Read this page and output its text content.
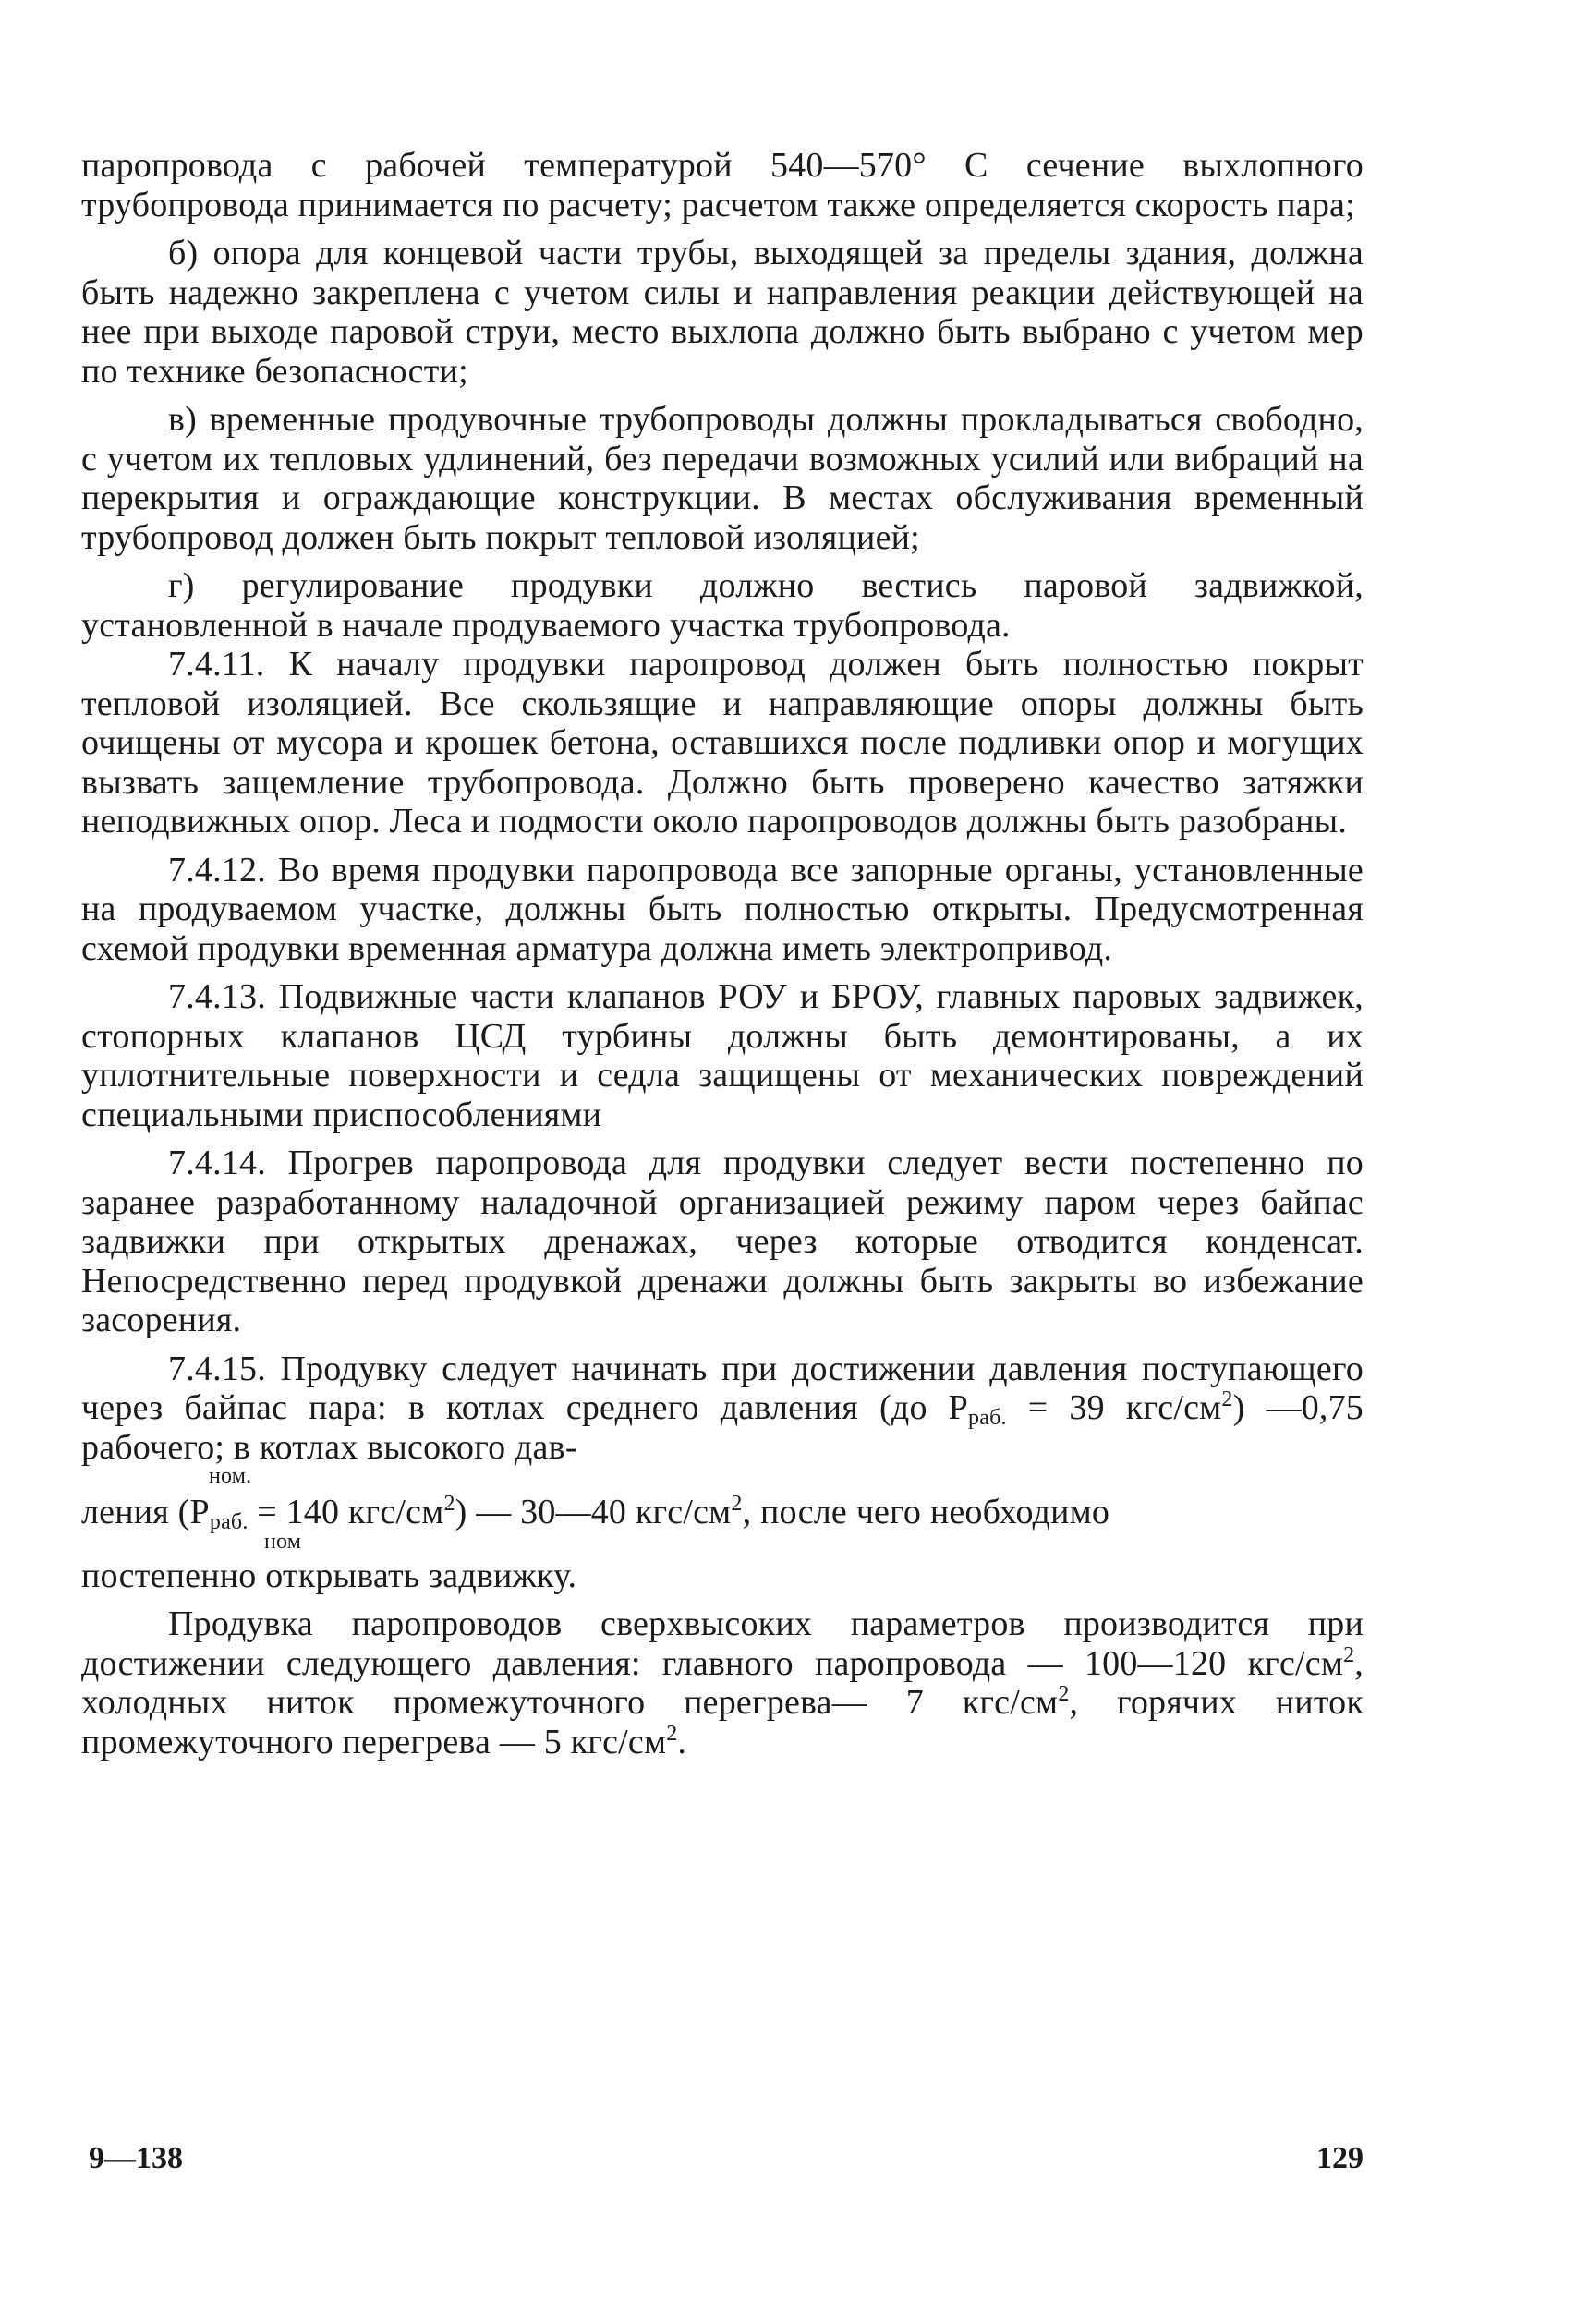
паропровода с рабочей температурой 540—570° С сечение выхлопного трубопровода принимается по расчету; расчетом также определяется скорость пара;

б) опора для концевой части трубы, выходящей за пределы здания, должна быть надежно закреплена с учетом силы и направления реакции действующей на нее при выходе паровой струи, место выхлопа должно быть выбрано с учетом мер по технике безопасности;

в) временные продувочные трубопроводы должны прокладываться свободно, с учетом их тепловых удлинений, без передачи возможных усилий или вибраций на перекрытия и ограждающие конструкции. В местах обслуживания временный трубопровод должен быть покрыт тепловой изоляцией;

г) регулирование продувки должно вестись паровой задвижкой, установленной в начале продуваемого участка трубопровода.

7.4.11. К началу продувки паропровод должен быть полностью покрыт тепловой изоляцией. Все скользящие и направляющие опоры должны быть очищены от мусора и крошек бетона, оставшихся после подливки опор и могущих вызвать защемление трубопровода. Должно быть проверено качество затяжки неподвижных опор. Леса и подмости около паропроводов должны быть разобраны.

7.4.12. Во время продувки паропровода все запорные органы, установленные на продуваемом участке, должны быть полностью открыты. Предусмотренная схемой продувки временная арматура должна иметь электропривод.

7.4.13. Подвижные части клапанов РОУ и БРОУ, главных паровых задвижек, стопорных клапанов ЦСД турбины должны быть демонтированы, а их уплотнительные поверхности и седла защищены от механических повреждений специальными приспособлениями

7.4.14. Прогрев паропровода для продувки следует вести постепенно по заранее разработанному наладочной организацией режиму паром через байпас задвижки при открытых дренажах, через которые отводится конденсат. Непосредственно перед продувкой дренажи должны быть закрыты во избежание засорения.

7.4.15. Продувку следует начинать при достижении давления поступающего через байпас пара: в котлах среднего давления (до $P_{раб.} = 39$ кгс/$см^2$) —0,75 рабочего; в котлах высокого дав-

ном.

ления ($P_{раб.} = 140$ кгс/$см^2$) — 30—40 кгс/$см^2$, после чего необходимо

ном

постепенно открывать задвижку.

Продувка паропроводов сверхвысоких параметров производится при достижении следующего давления: главного паропровода — 100—120 кгс/$см^2$, холодных ниток промежуточного перегрева— 7 кгс/$см^2$, горячих ниток промежуточного перегрева — 5 кгс/$см^2$.

9—138	129
